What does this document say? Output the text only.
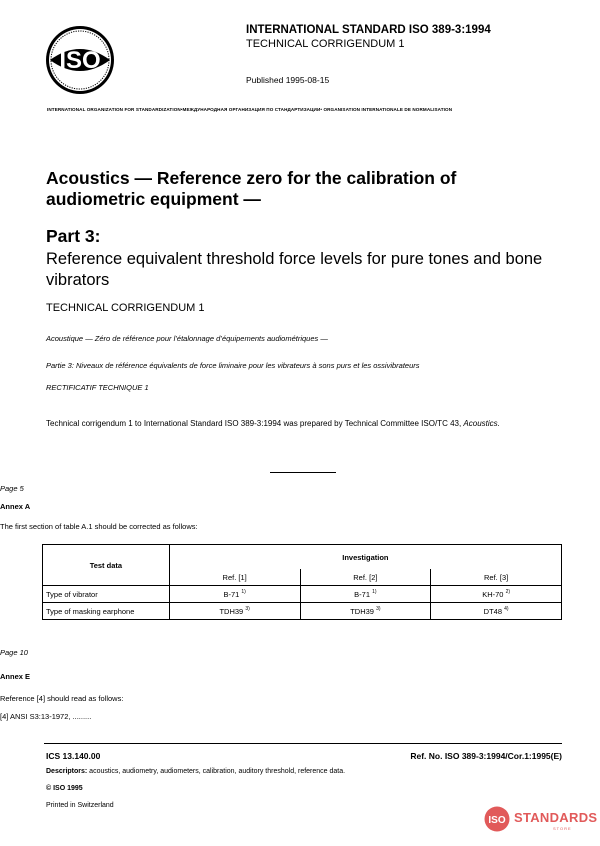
ISO
INTERNATIONAL STANDARD ISO 389-3:1994
TECHNICAL CORRIGENDUM 1
Published 1995-08-15
INTERNATIONAL ORGANIZATION FOR STANDARDIZATION•МЕЖДУНАРОДНАЯ ОРГАНИЗАЦИЯ ПО СТАНДАРТИЗАЦИИ• ORGANISATION INTERNATIONALE DE NORMALISATION
Acoustics — Reference zero for the calibration of audiometric equipment —
Part 3:
Reference equivalent threshold force levels for pure tones and bone vibrators
TECHNICAL CORRIGENDUM 1
Acoustique — Zéro de référence pour l’étalonnage d’équipements audiométriques —
Partie 3: Niveaux de référence équivalents de force liminaire pour les vibrateurs à sons purs et les ossivibrateurs
RECTIFICATIF TECHNIQUE 1
Technical corrigendum 1 to International Standard ISO 389-3:1994 was prepared by Technical Committee ISO/TC 43, Acoustics.
Page 5
Annex A
The first section of table A.1 should be corrected as follows:
Test data	Investigation		
	Ref. [1]	Ref. [2]	Ref. [3]
Type of vibrator	B-71 $^{1)}$	B-71 $^{1)}$	KH-70 $^{2)}$
Type of masking earphone	TDH39 $^{3)}$	TDH39 $^{3)}$	DT48 $^{4)}$
Page 10
Annex E
Reference [4] should read as follows:
[4] ANSI S3:13-1972, .........
ICS 13.140.00	Ref. No. ISO 389-3:1994/Cor.1:1995(E)
Descriptors: acoustics, audiometry, audiometers, calibration, auditory threshold, reference data.
© ISO 1995
Printed in Switzerland
ISO STANDARDS
STORE
